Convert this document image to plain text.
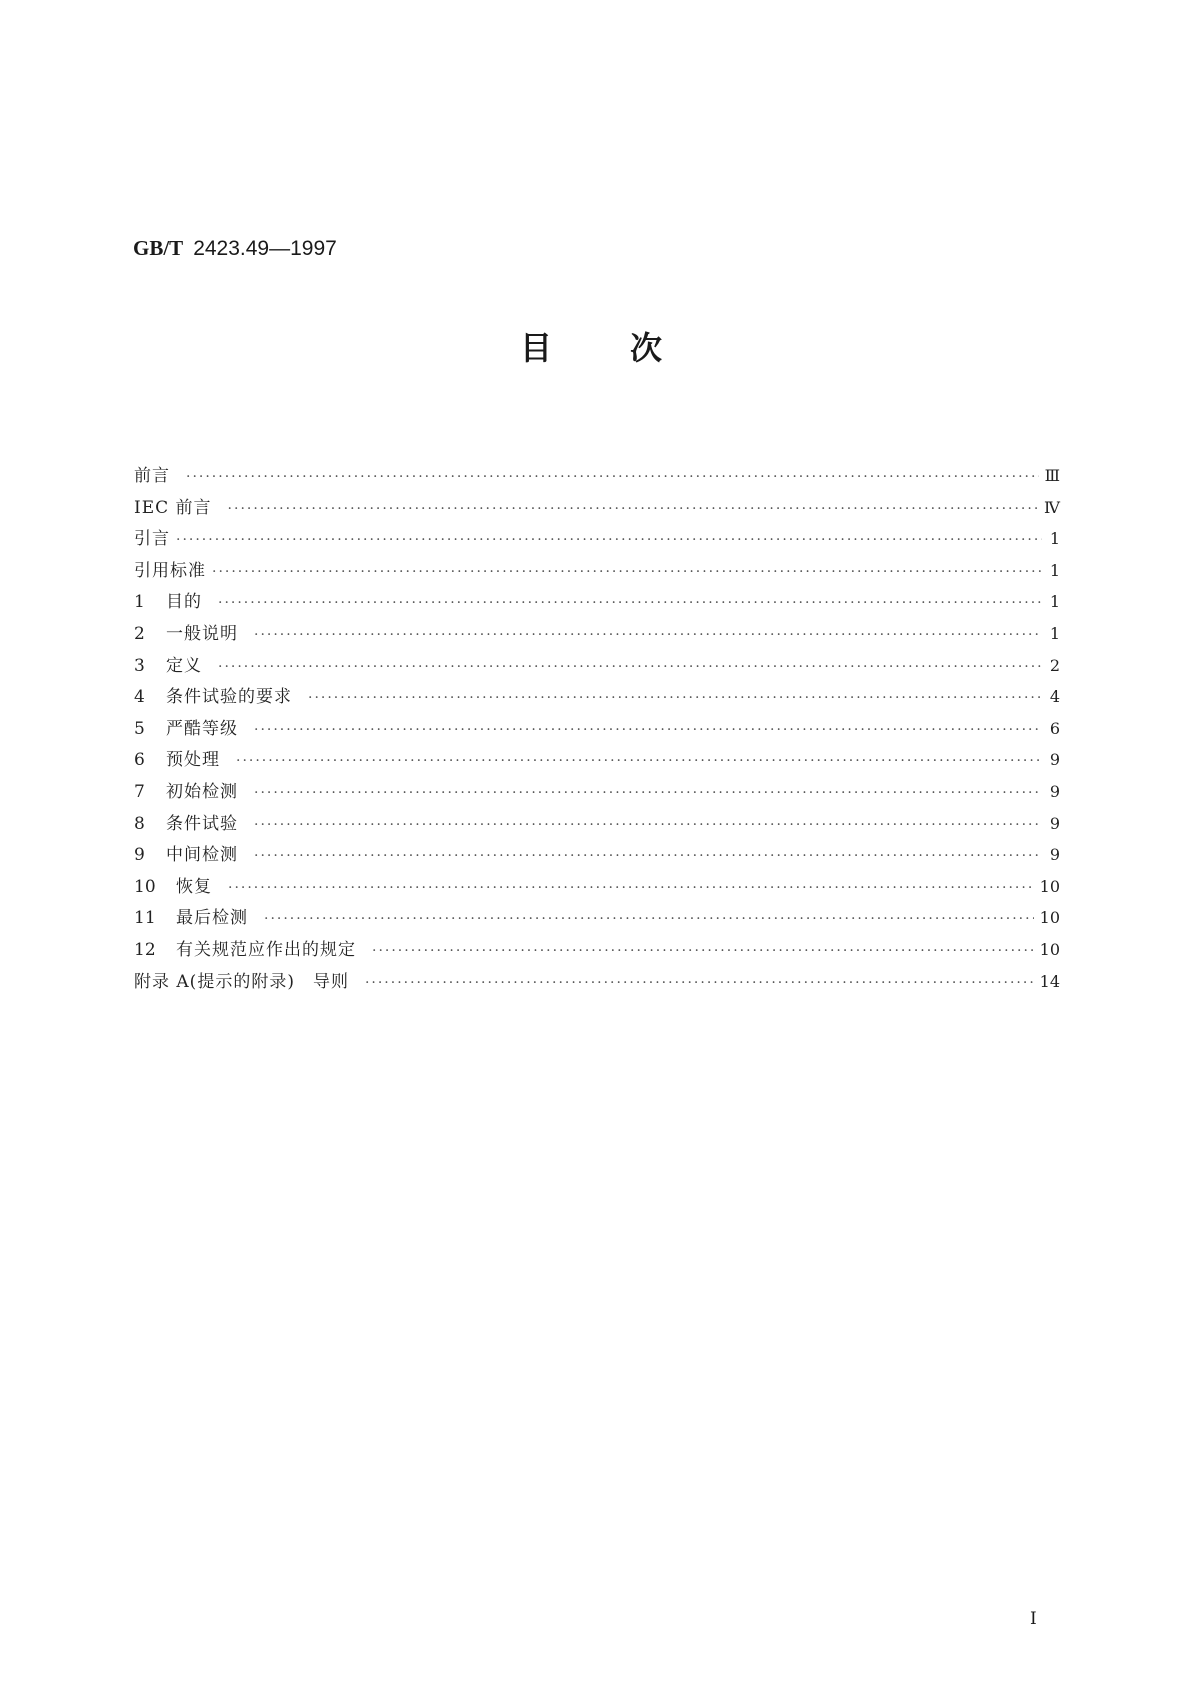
GB/T 2423.49—1997
目次
前言 ·····	Ⅲ
IEC 前言 ·····	Ⅳ
引言 ·····	1
引用标准 ·····	1
1	目的 ·····	1
2	一般说明 ·····	1
3	定义 ·····	2
4	条件试验的要求 ·····	4
5	严酷等级 ·····	6
6	预处理 ·····	9
7	初始检测 ·····	9
8	条件试验 ·····	9
9	中间检测 ·····	9
10	恢复 ·····	10
11	最后检测 ·····	10
12	有关规范应作出的规定 ·····	10
附录 A(提示的附录)　导则 ·····	14
I
